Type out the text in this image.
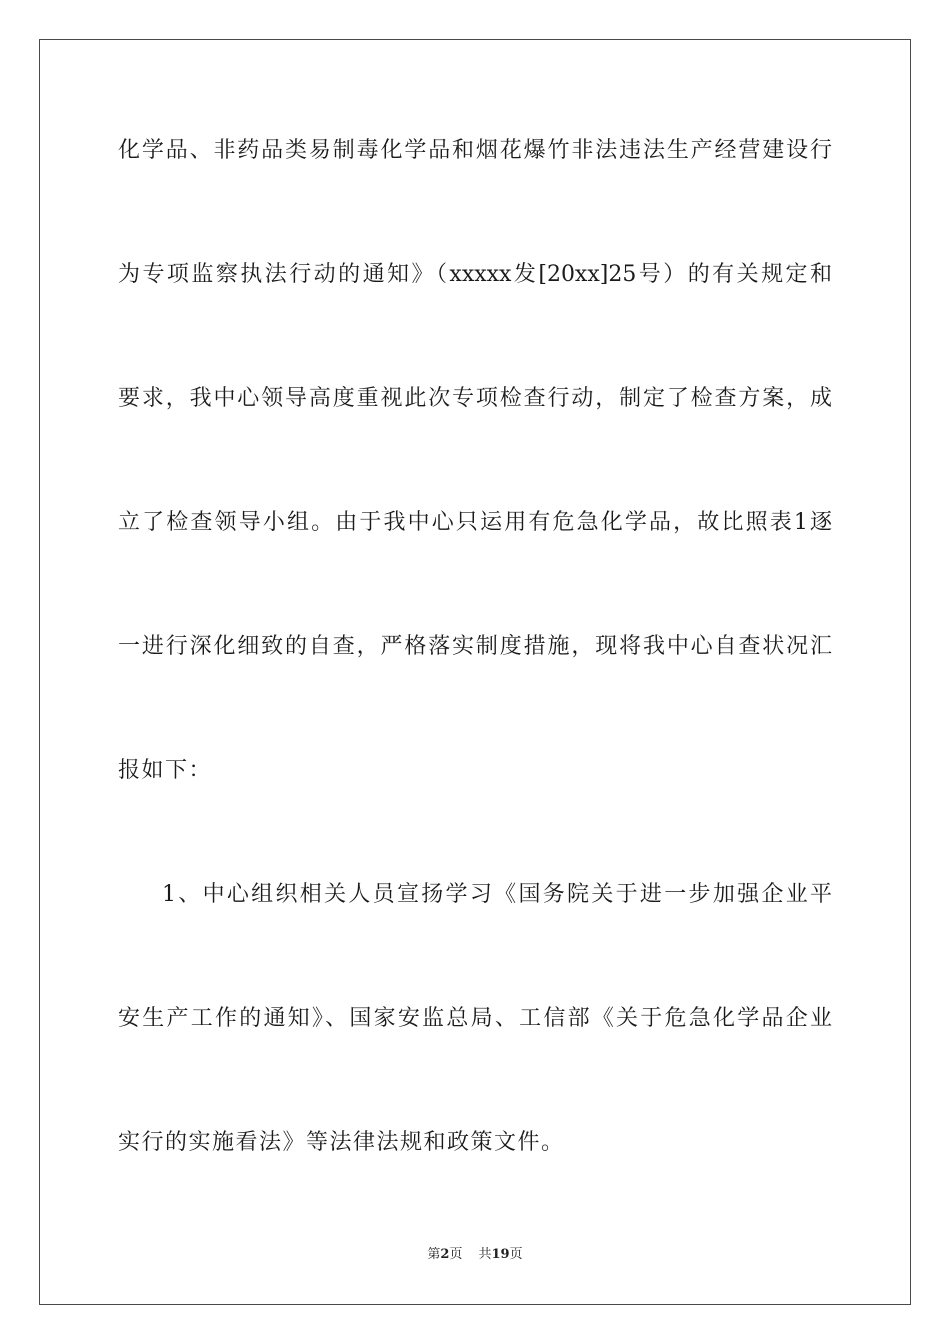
化学品、非药品类易制毒化学品和烟花爆竹非法违法生产经营建设行
为专项监察执法行动的通知》（xxxxx发[20xx]25号）的有关规定和
要求，我中心领导高度重视此次专项检查行动，制定了检查方案，成
立了检查领导小组。由于我中心只运用有危急化学品，故比照表1逐
一进行深化细致的自查，严格落实制度措施，现将我中心自查状况汇
报如下：
1、中心组织相关人员宣扬学习《国务院关于进一步加强企业平
安生产工作的通知》、国家安监总局、工信部《关于危急化学品企业
实行的实施看法》等法律法规和政策文件。
第2页 共19页
